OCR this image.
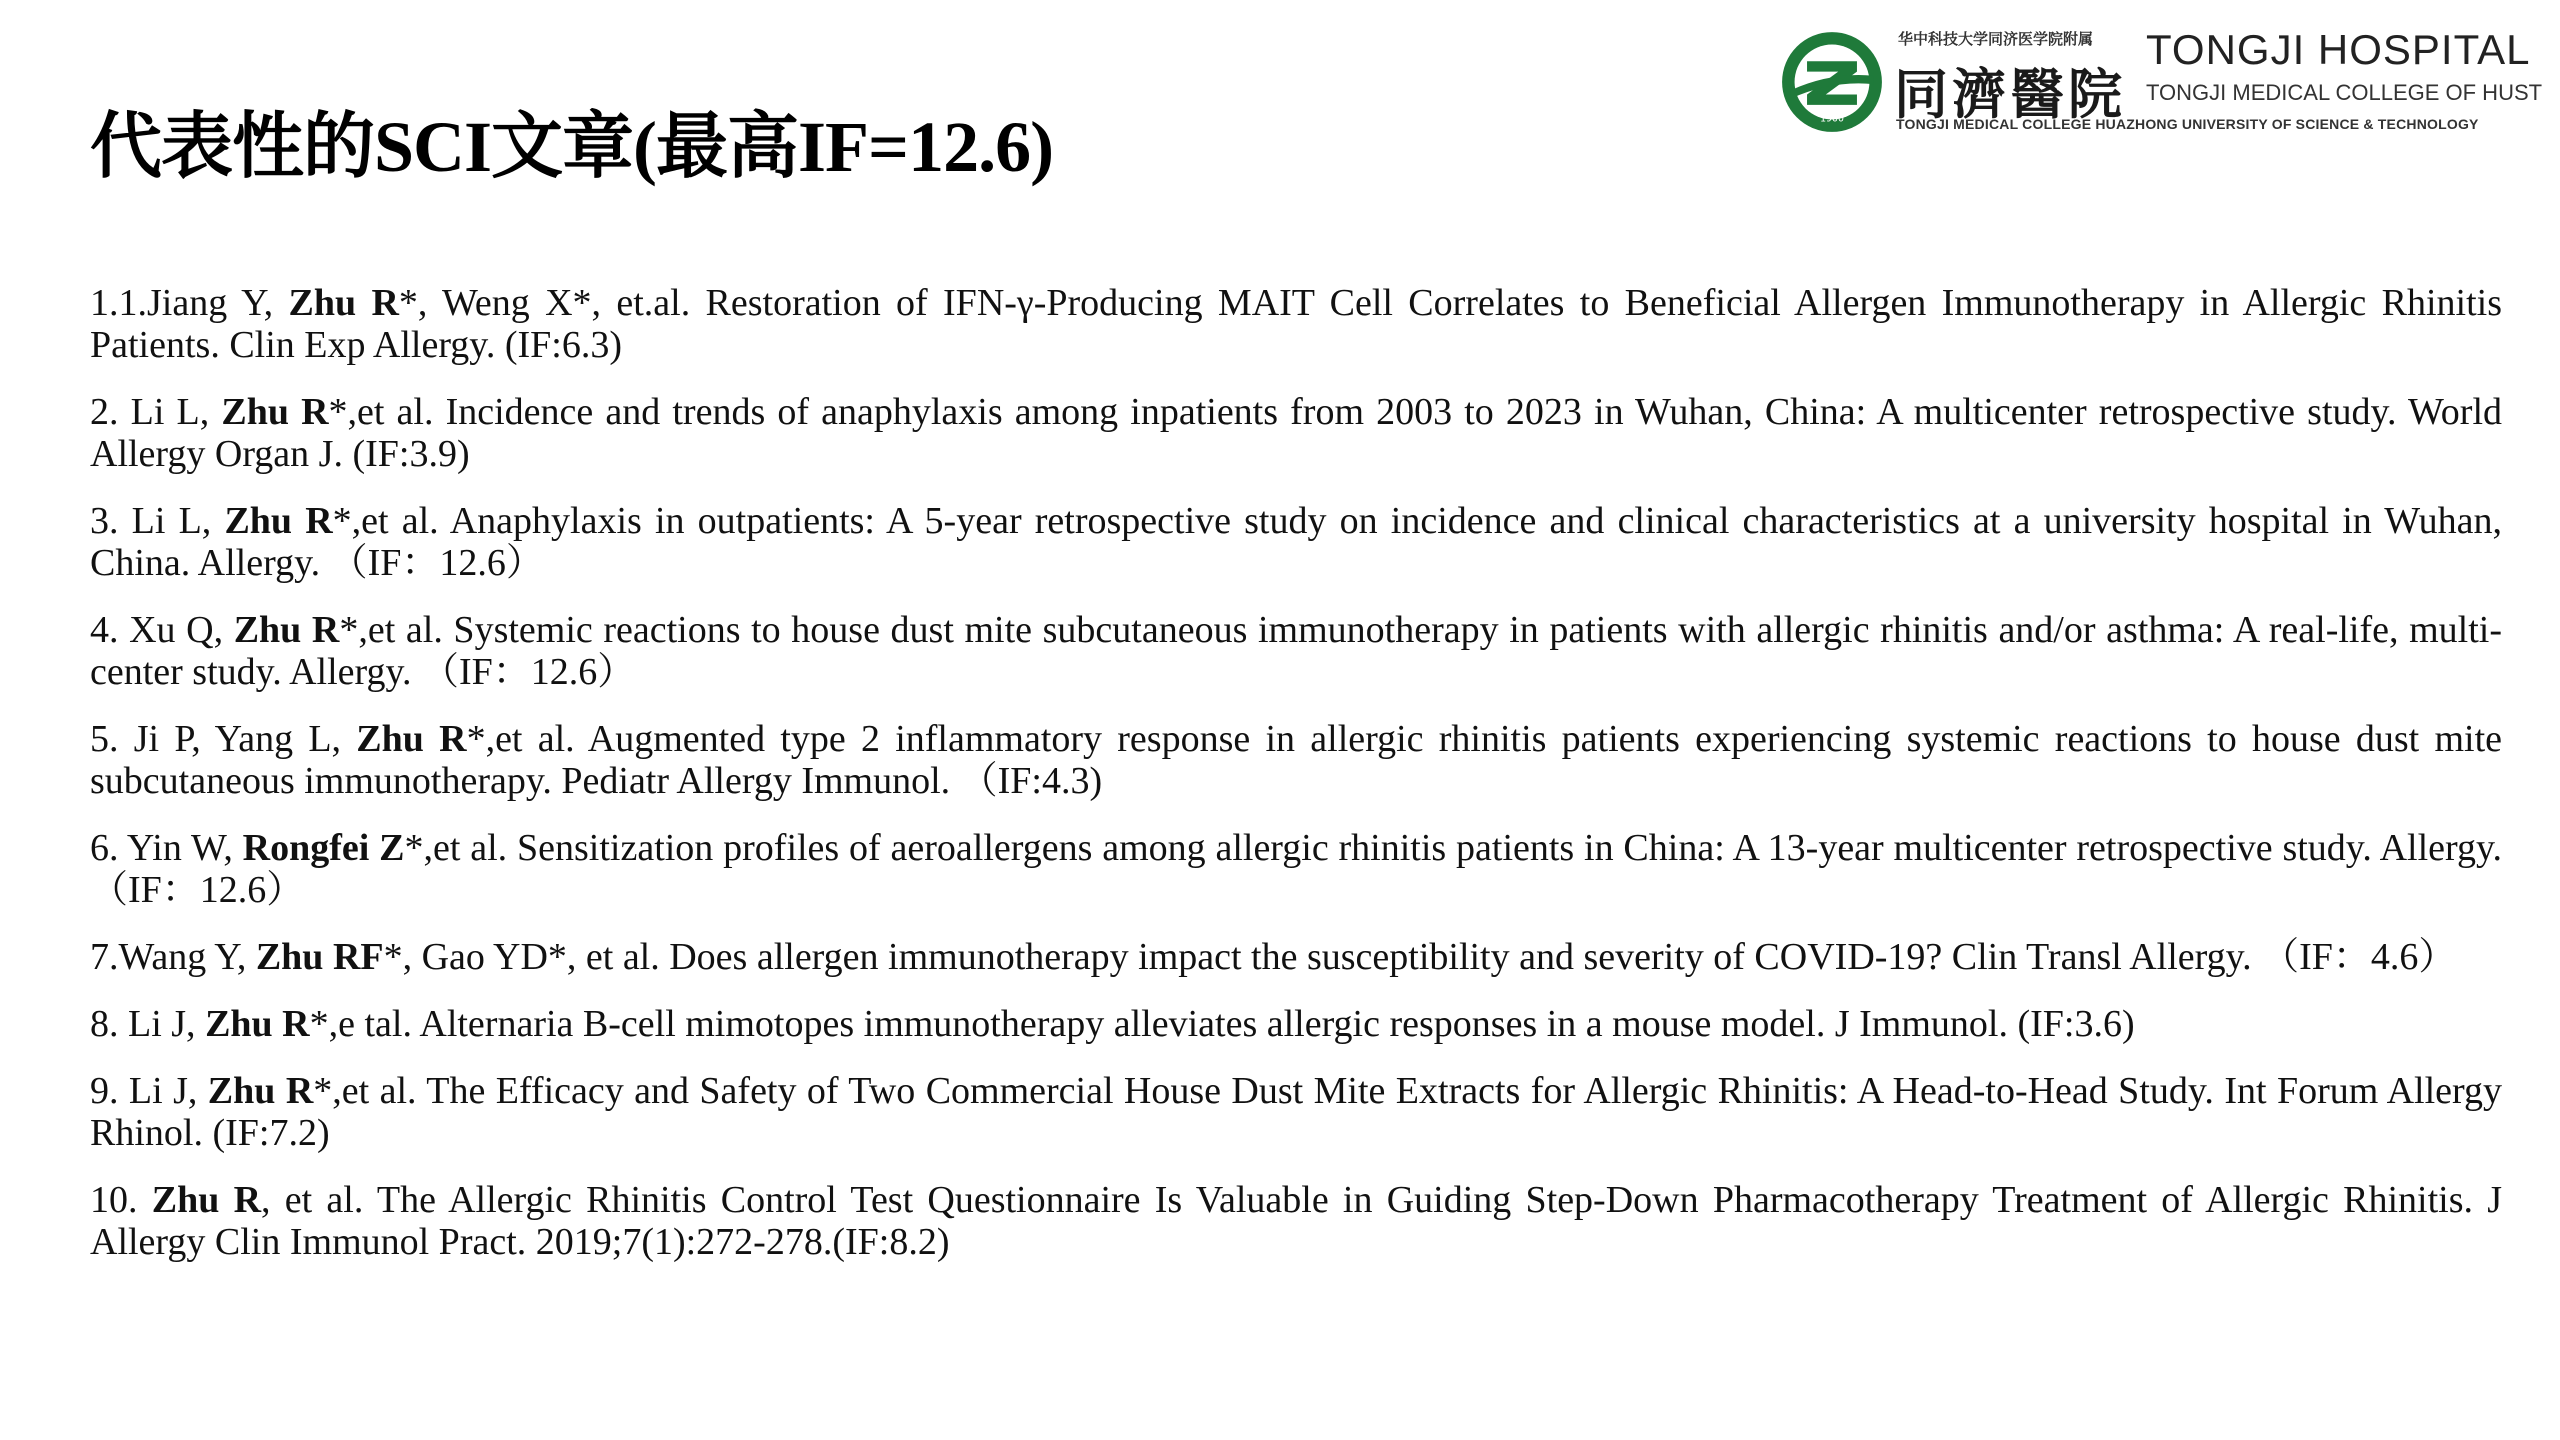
代表性的SCI文章(最高IF=12.6)	1900
华中科技大学同济医学院附属
同濟醫院
TONGJI HOSPITAL
TONGJI MEDICAL COLLEGE OF HUST
TONGJI MEDICAL COLLEGE HUAZHONG UNIVERSITY OF SCIENCE & TECHNOLOGY
1.1.Jiang Y, Zhu R*, Weng X*, et.al. Restoration of IFN-γ-Producing MAIT Cell Correlates to Beneficial Allergen Immunotherapy in Allergic Rhinitis Patients. Clin Exp Allergy. (IF:6.3)
2. Li L, Zhu R*,et al. Incidence and trends of anaphylaxis among inpatients from 2003 to 2023 in Wuhan, China: A multicenter retrospective study. World Allergy Organ J. (IF:3.9)
3. Li L, Zhu R*,et al. Anaphylaxis in outpatients: A 5-year retrospective study on incidence and clinical characteristics at a university hospital in Wuhan, China. Allergy. （IF：12.6）
4. Xu Q, Zhu R*,et al. Systemic reactions to house dust mite subcutaneous immunotherapy in patients with allergic rhinitis and/or asthma: A real-life, multi-center study. Allergy. （IF：12.6）
5. Ji P, Yang L, Zhu R*,et al. Augmented type 2 inflammatory response in allergic rhinitis patients experiencing systemic reactions to house dust mite subcutaneous immunotherapy. Pediatr Allergy Immunol. （IF:4.3)
6. Yin W, Rongfei Z*,et al. Sensitization profiles of aeroallergens among allergic rhinitis patients in China: A 13-year multicenter retrospective study. Allergy. （IF：12.6）
7.Wang Y, Zhu RF*, Gao YD*, et al. Does allergen immunotherapy impact the susceptibility and severity of COVID-19? Clin Transl Allergy. （IF：4.6）
8. Li J, Zhu R*,e tal. Alternaria B-cell mimotopes immunotherapy alleviates allergic responses in a mouse model. J Immunol. (IF:3.6)
9. Li J, Zhu R*,et al. The Efficacy and Safety of Two Commercial House Dust Mite Extracts for Allergic Rhinitis: A Head-to-Head Study. Int Forum Allergy Rhinol. (IF:7.2)
10. Zhu R, et al. The Allergic Rhinitis Control Test Questionnaire Is Valuable in Guiding Step-Down Pharmacotherapy Treatment of Allergic Rhinitis. J Allergy Clin Immunol Pract. 2019;7(1):272-278.(IF:8.2)
